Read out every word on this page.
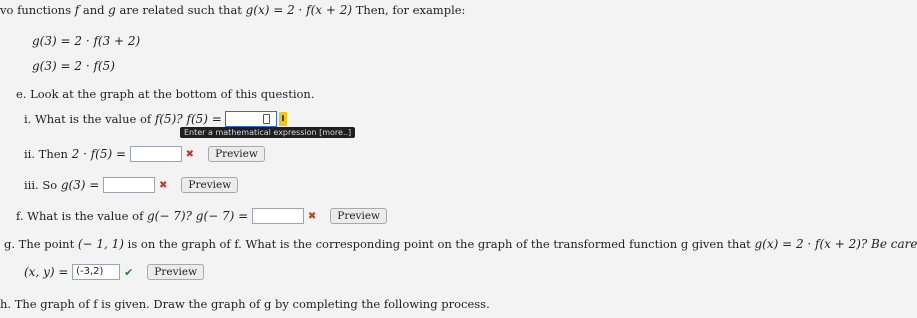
vo functions
f
and
g
are related such that
g(x) = 2 · f(x + 2)
Then, for example:
g(3) = 2 · f(3 + 2)
g(3) = 2 · f(5)
e. Look at the graph at the bottom of this question.
i. What is the value of
f(5)? f(5) =

Enter a mathematical expression [more..]
ii. Then
2 · f(5) =
	✖	Preview
iii. So
g(3) =
	✖	Preview
f. What is the value of
g(− 7)? g(− 7) =
	✖	Preview
g. The point
(− 1, 1)
is on the graph of f. What is the corresponding point on the graph of the transformed function g given that
g(x) = 2 · f(x + 2)?
Be care
(x, y) =
(-3,2)	✔	Preview
h. The graph of f is given. Draw the graph of g by completing the following process.
